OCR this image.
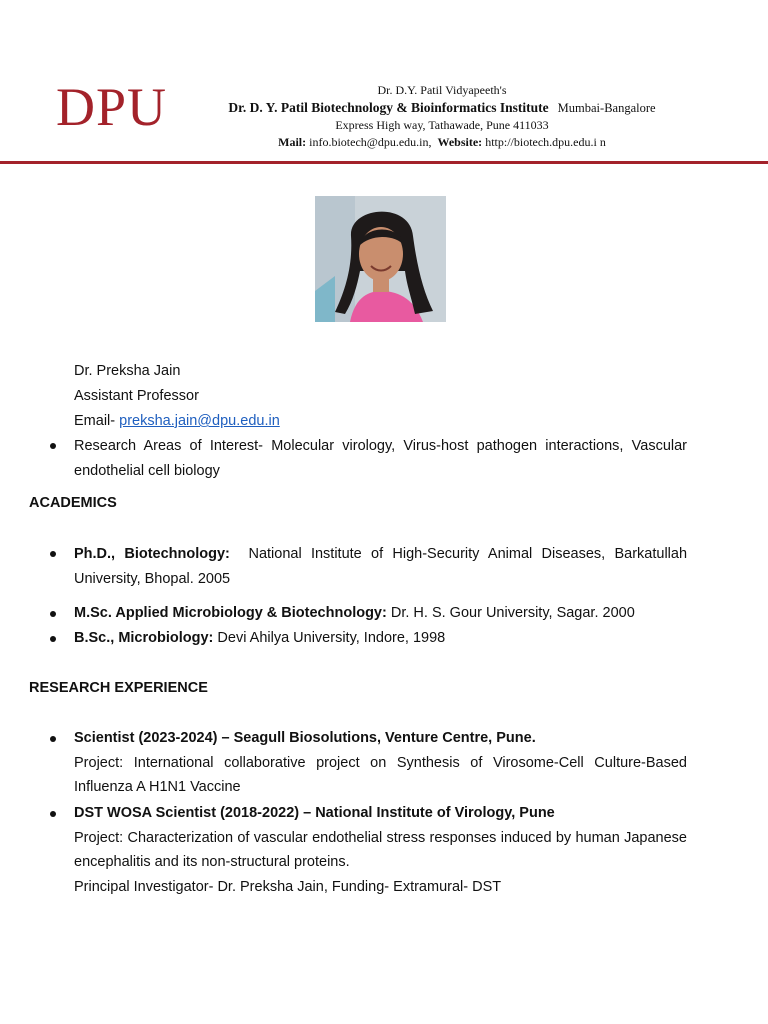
DPU	Dr. D.Y. Patil Vidyapeeth's
Dr. D. Y. Patil Biotechnology & Bioinformatics Institute Mumbai-Bangalore
Express High way, Tathawade, Pune 411033
Mail: info.biotech@dpu.edu.in, Website: http://biotech.dpu.edu.i n
Dr. Preksha Jain
Assistant Professor
Email- preksha.jain@dpu.edu.in
Research Areas of Interest- Molecular virology, Virus-host pathogen interactions, Vascular endothelial cell biology
ACADEMICS
Ph.D., Biotechnology: National Institute of High-Security Animal Diseases, Barkatullah University, Bhopal. 2005
M.Sc. Applied Microbiology & Biotechnology: Dr. H. S. Gour University, Sagar. 2000
B.Sc., Microbiology: Devi Ahilya University, Indore, 1998
RESEARCH EXPERIENCE
Scientist (2023-2024) – Seagull Biosolutions, Venture Centre, Pune.
Project: International collaborative project on Synthesis of Virosome-Cell Culture-Based Influenza A H1N1 Vaccine
DST WOSA Scientist (2018-2022) – National Institute of Virology, Pune
Project: Characterization of vascular endothelial stress responses induced by human Japanese encephalitis and its non-structural proteins.
Principal Investigator- Dr. Preksha Jain, Funding- Extramural- DST
